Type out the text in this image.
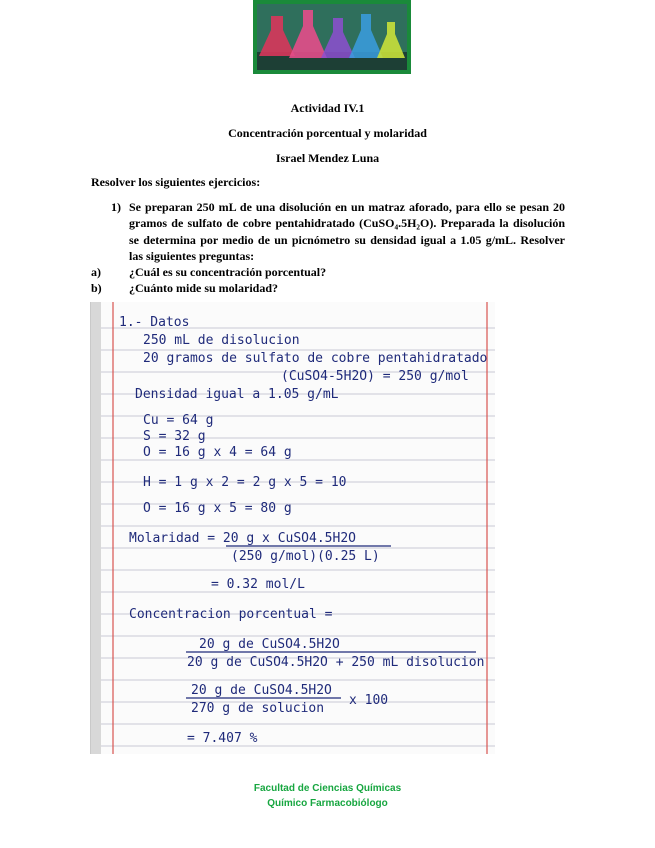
Actividad IV.1
Concentración porcentual y molaridad
Israel Mendez Luna
Resolver los siguientes ejercicios:
1) Se preparan 250 mL de una disolución en un matraz aforado, para ello se pesan 20 gramos de sulfato de cobre pentahidratado (CuSO₄.5H₂O). Preparada la disolución se determina por medio de un picnómetro su densidad igual a 1.05 g/mL. Resolver las siguientes preguntas:
a) ¿Cuál es su concentración porcentual?
b) ¿Cuánto mide su molaridad?
1.- Datos
250 mL de disolucion
20 gramos de sulfato de cobre pentahidratado
(CuSO4-5H2O) = 250 g/mol
Densidad igual a 1.05 g/mL
Cu = 64 g
S = 32 g
O = 16 g x 4 = 64 g
H = 1 g x 2 = 2 g x 5 = 10
O = 16 g x 5 = 80 g
Molaridad = 20 g x CuSO4.5H2O
(250 g/mol)(0.25 L)
= 0.32 mol/L
Concentracion porcentual =
20 g de CuSO4.5H2O
20 g de CuSO4.5H2O + 250 mL disolucion
20 g de CuSO4.5H2O
270 g de solucion
x 100
= 7.407 %
Facultad de Ciencias Químicas
Químico Farmacobiólogo
